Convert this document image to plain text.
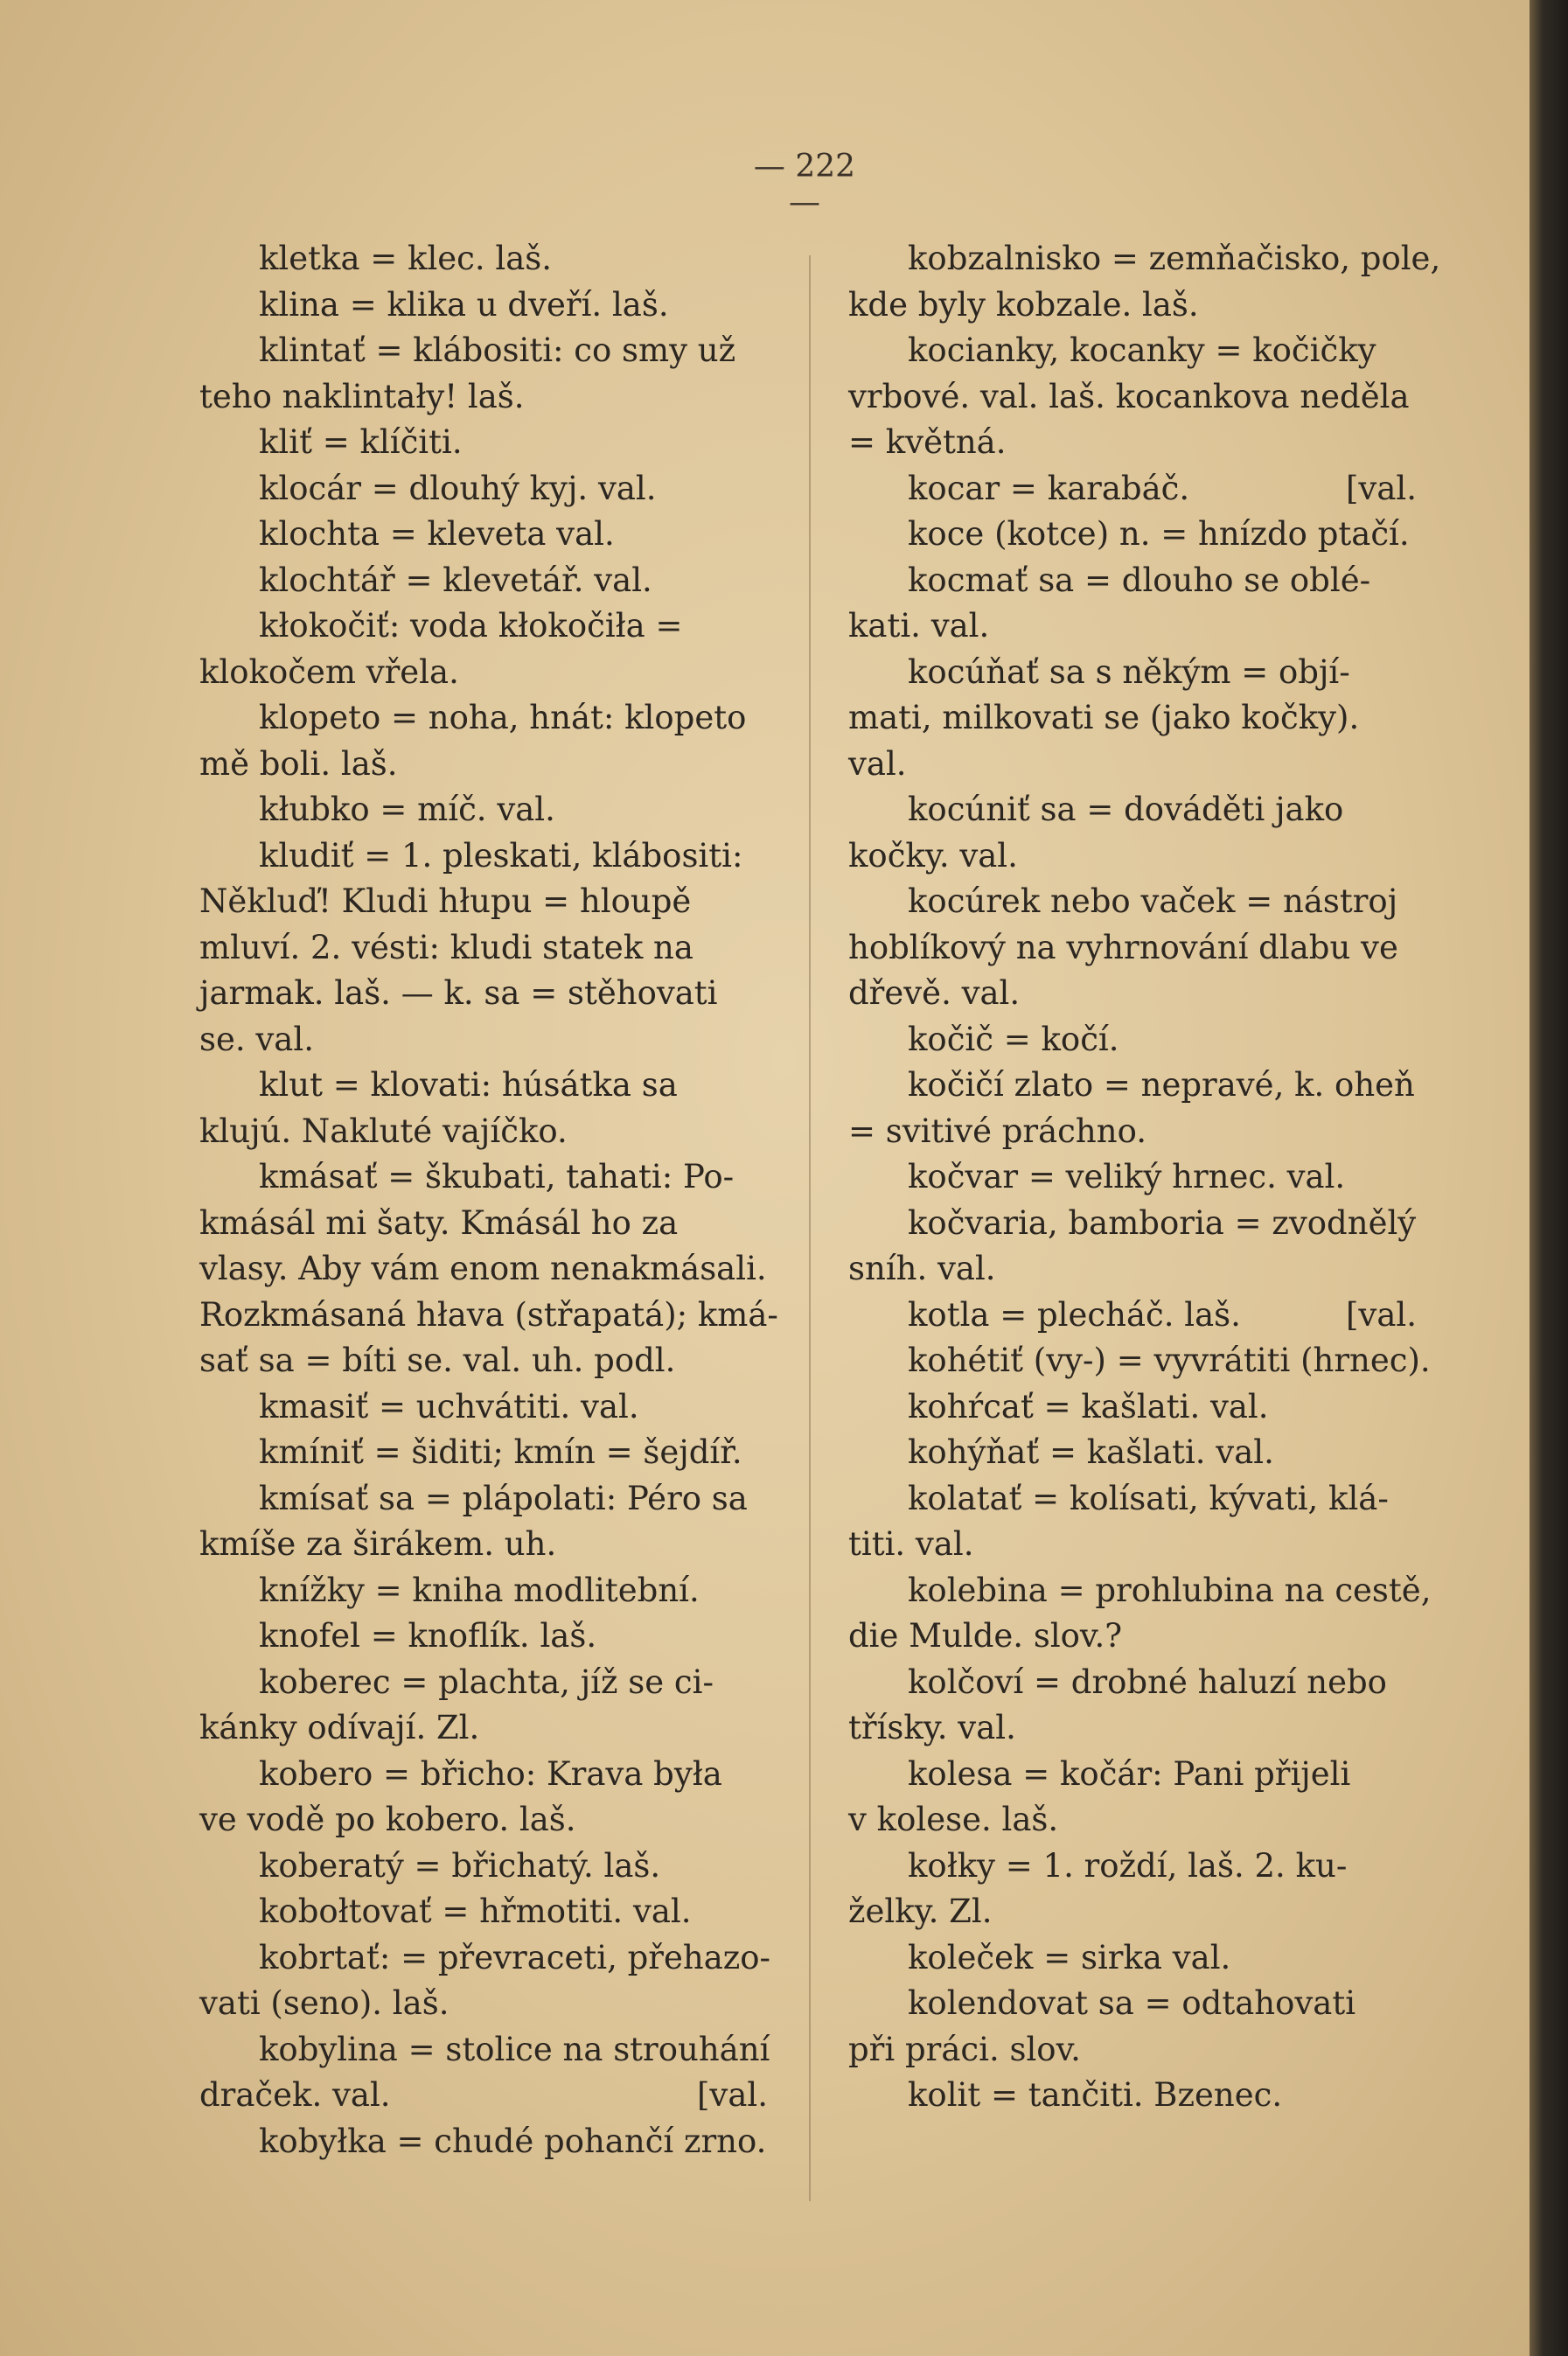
— 222 —
kletka = klec. laš.
klina = klika u dveří. laš.
klintať = klábositi: co smy už
teho naklintały! laš.
kliť = klíčiti.
klocár = dlouhý kyj. val.
klochta = kleveta val.
klochtář = klevetář. val.
kłokočiť: voda kłokočiła =
klokočem vřela.
klopeto = noha, hnát: klopeto
mě boli. laš.
kłubko = míč. val.
kludiť = 1. pleskati, klábositi:
Někluď! Kludi hłupu = hloupě
mluví. 2. vésti: kludi statek na
jarmak. laš. — k. sa = stěhovati
se. val.
klut = klovati: húsátka sa
klujú. Nakluté vajíčko.
kmásať = škubati, tahati: Po-
kmásál mi šaty. Kmásál ho za
vlasy. Aby vám enom nenakmásali.
Rozkmásaná hłava (střapatá); kmá-
sať sa = bíti se. val. uh. podl.
kmasiť = uchvátiti. val.
kmíniť = šiditi; kmín = šejdíř.
kmísať sa = plápolati: Péro sa
kmíše za širákem. uh.
knížky = kniha modlitební.
knofel = knoflík. laš.
koberec = plachta, jíž se ci-
kánky odívají. Zl.
kobero = břicho: Krava była
ve vodě po kobero. laš.
koberatý = břichatý. laš.
kobołtovať = hřmotiti. val.
kobrtať: = převraceti, přehazo-
vati (seno). laš.
kobylina = stolice na strouhání
draček. val.	[val.
kobyłka = chudé pohančí zrno.
kobzalnisko = zemňačisko, pole,
kde byly kobzale. laš.
kocianky, kocanky = kočičky
vrbové. val. laš. kocankova neděla
= květná.
kocar = karabáč.	[val.
koce (kotce) n. = hnízdo ptačí.
kocmať sa = dlouho se oblé-
kati. val.
kocúňať sa s někým = objí-
mati, milkovati se (jako kočky).
val.
kocúniť sa = dováděti jako
kočky. val.
kocúrek nebo vaček = nástroj
hoblíkový na vyhrnování dlabu ve
dřevě. val.
kočič = kočí.
kočičí zlato = nepravé, k. oheň
= svitivé práchno.
kočvar = veliký hrnec. val.
kočvaria, bamboria = zvodnělý
sníh. val.
kotla = plecháč. laš.	[val.
kohétiť (vy-) = vyvrátiti (hrnec).
kohŕcať = kašlati. val.
kohýňať = kašlati. val.
kolatať = kolísati, kývati, klá-
titi. val.
kolebina = prohlubina na cestě,
die Mulde. slov.?
kolčoví = drobné haluzí nebo
třísky. val.
kolesa = kočár: Pani přijeli
v kolese. laš.
kołky = 1. roždí, laš. 2. ku-
želky. Zl.
koleček = sirka val.
kolendovat sa = odtahovati
při práci. slov.
kolit = tančiti. Bzenec.
